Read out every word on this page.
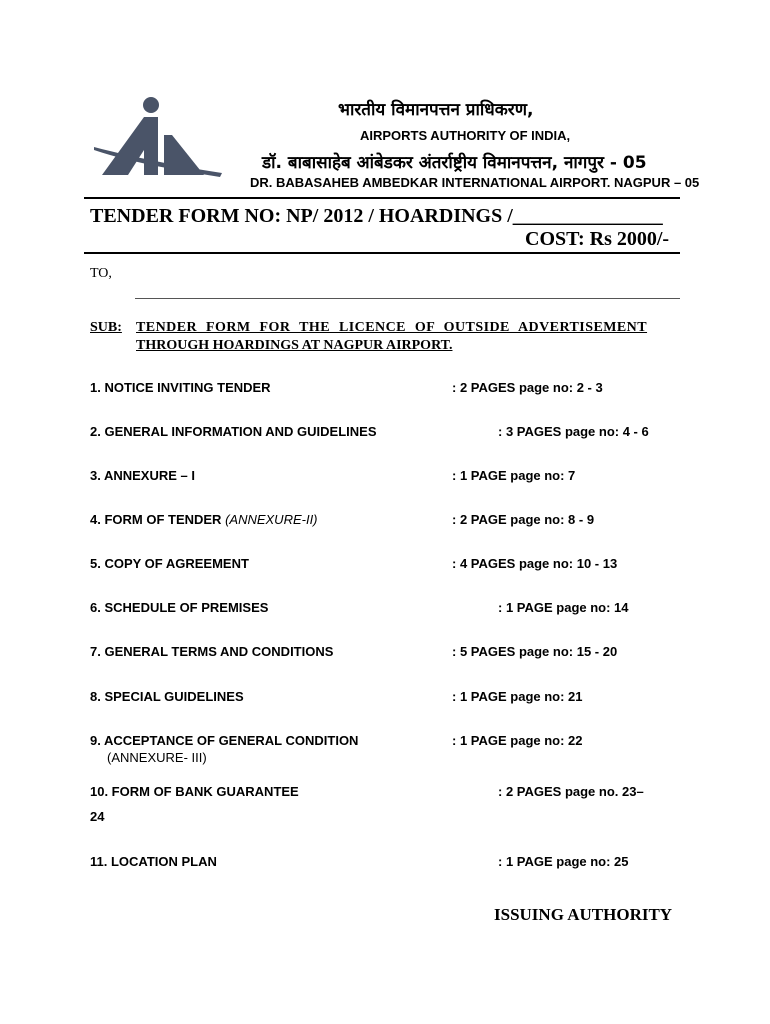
भारतीय विमानपत्तन प्राधिकरण,
AIRPORTS AUTHORITY OF INDIA,
डॉ. बाबासाहेब आंबेडकर अंतर्राष्ट्रीय विमानपत्तन, नागपुर - 05
DR. BABASAHEB AMBEDKAR INTERNATIONAL AIRPORT. NAGPUR – 05
TENDER FORM NO: NP/ 2012 / HOARDINGS /_______________
COST: Rs 2000/-
TO,
SUB: TENDER FORM FOR THE LICENCE OF OUTSIDE ADVERTISEMENT
THROUGH HOARDINGS AT NAGPUR AIRPORT.
1. NOTICE INVITING TENDER	: 2 PAGES page no: 2 - 3
2. GENERAL INFORMATION AND GUIDELINES	: 3 PAGES page no: 4 - 6
3. ANNEXURE – I	: 1 PAGE page no: 7
4. FORM OF TENDER (ANNEXURE-II)	: 2 PAGE page no: 8 - 9
5. COPY OF AGREEMENT	: 4 PAGES page no: 10 - 13
6. SCHEDULE OF PREMISES	: 1 PAGE page no: 14
7. GENERAL TERMS AND CONDITIONS	: 5 PAGES page no: 15 - 20
8. SPECIAL GUIDELINES	: 1 PAGE page no: 21
9. ACCEPTANCE OF GENERAL CONDITION
(ANNEXURE- III)
: 1 PAGE page no: 22
10. FORM OF BANK GUARANTEE	: 2 PAGES page no. 23–
24
11. LOCATION PLAN	: 1 PAGE page no: 25
ISSUING AUTHORITY
